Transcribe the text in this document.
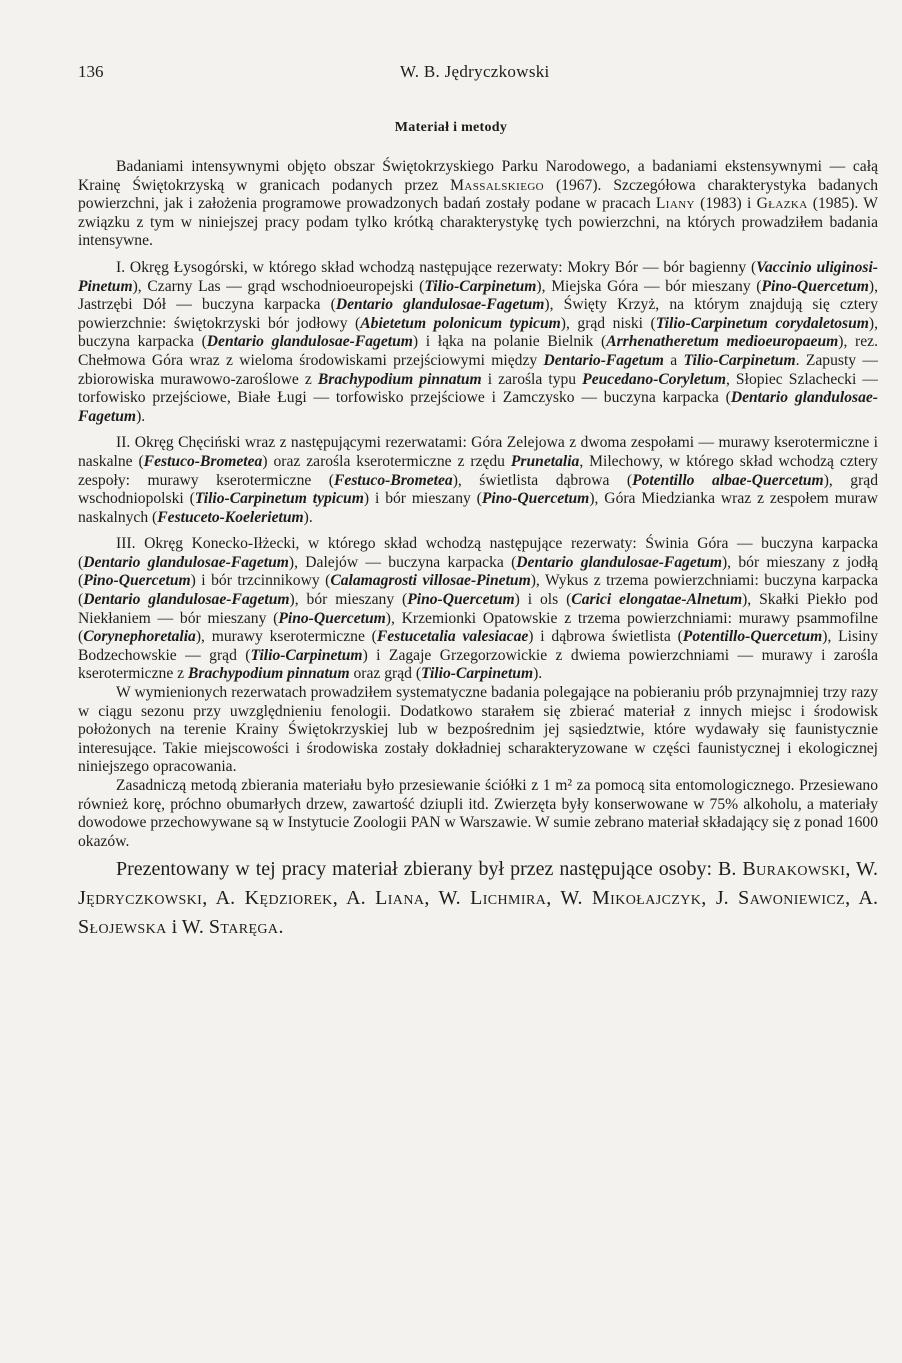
136	W. B. Jędryczkowski
Materiał i metody

Badaniami intensywnymi objęto obszar Świętokrzyskiego Parku Narodowego, a badaniami ekstensywnymi — całą Krainę Świętokrzyską w granicach podanych przez Massalskiego (1967). Szczegółowa charakterystyka badanych powierzchni, jak i założenia programowe prowadzonych badań zostały podane w pracach Liany (1983) i Głazka (1985). W związku z tym w niniejszej pracy podam tylko krótką charakterystykę tych powierzchni, na których prowadziłem badania intensywne.

I. Okręg Łysogórski, w którego skład wchodzą następujące rezerwaty: Mokry Bór — bór bagienny (Vaccinio uliginosi-Pinetum), Czarny Las — grąd wschodnioeuropejski (Tilio-Carpinetum), Miejska Góra — bór mieszany (Pino-Quercetum), Jastrzębi Dół — buczyna karpacka (Dentario glandulosae-Fagetum), Święty Krzyż, na którym znajdują się cztery powierzchnie: świętokrzyski bór jodłowy (Abietetum polonicum typicum), grąd niski (Tilio-Carpinetum corydaletosum), buczyna karpacka (Dentario glandulosae-Fagetum) i łąka na polanie Bielnik (Arrhenatheretum medioeuropaeum), rez. Chełmowa Góra wraz z wieloma środowiskami przejściowymi między Dentario-Fagetum a Tilio-Carpinetum. Zapusty — zbiorowiska murawowo-zaroślowe z Brachypodium pinnatum i zarośla typu Peucedano-Coryletum, Słopiec Szlachecki — torfowisko przejściowe, Białe Ługi — torfowisko przejściowe i Zamczysko — buczyna karpacka (Dentario glandulosae-Fagetum).

II. Okręg Chęciński wraz z następującymi rezerwatami: Góra Zelejowa z dwoma zespołami — murawy kserotermiczne i naskalne (Festuco-Brometea) oraz zarośla kserotermiczne z rzędu Prunetalia, Milechowy, w którego skład wchodzą cztery zespoły: murawy kserotermiczne (Festuco-Brometea), świetlista dąbrowa (Potentillo albae-Quercetum), grąd wschodniopolski (Tilio-Carpinetum typicum) i bór mieszany (Pino-Quercetum), Góra Miedzianka wraz z zespołem muraw naskalnych (Festuceto-Koelerietum).

III. Okręg Konecko-Iłżecki, w którego skład wchodzą następujące rezerwaty: Świnia Góra — buczyna karpacka (Dentario glandulosae-Fagetum), Dalejów — buczyna karpacka (Dentario glandulosae-Fagetum), bór mieszany z jodłą (Pino-Quercetum) i bór trzcinnikowy (Calamagrosti villosae-Pinetum), Wykus z trzema powierzchniami: buczyna karpacka (Dentario glandulosae-Fagetum), bór mieszany (Pino-Quercetum) i ols (Carici elongatae-Alnetum), Skałki Piekło pod Niekłaniem — bór mieszany (Pino-Quercetum), Krzemionki Opatowskie z trzema powierzchniami: murawy psammofilne (Corynephoretalia), murawy kserotermiczne (Festucetalia valesiacae) i dąbrowa świetlista (Potentillo-Quercetum), Lisiny Bodzechowskie — grąd (Tilio-Carpinetum) i Zagaje Grzegorzowickie z dwiema powierzchniami — murawy i zarośla kserotermiczne z Brachypodium pinnatum oraz grąd (Tilio-Carpinetum).

W wymienionych rezerwatach prowadziłem systematyczne badania polegające na pobieraniu prób przynajmniej trzy razy w ciągu sezonu przy uwzględnieniu fenologii. Dodatkowo starałem się zbierać materiał z innych miejsc i środowisk położonych na terenie Krainy Świętokrzyskiej lub w bezpośrednim jej sąsiedztwie, które wydawały się faunistycznie interesujące. Takie miejscowości i środowiska zostały dokładniej scharakteryzowane w części faunistycznej i ekologicznej niniejszego opracowania.

Zasadniczą metodą zbierania materiału było przesiewanie ściółki z 1 m² za pomocą sita entomologicznego. Przesiewano również korę, próchno obumarłych drzew, zawartość dziupli itd. Zwierzęta były konserwowane w 75% alkoholu, a materiały dowodowe przechowywane są w Instytucie Zoologii PAN w Warszawie. W sumie zebrano materiał składający się z ponad 1600 okazów.

Prezentowany w tej pracy materiał zbierany był przez następujące osoby: B. Burakowski, W. Jędryczkowski, A. Kędziorek, A. Liana, W. Lichmira, W. Mikołajczyk, J. Sawoniewicz, A. Słojewska i W. Staręga.
